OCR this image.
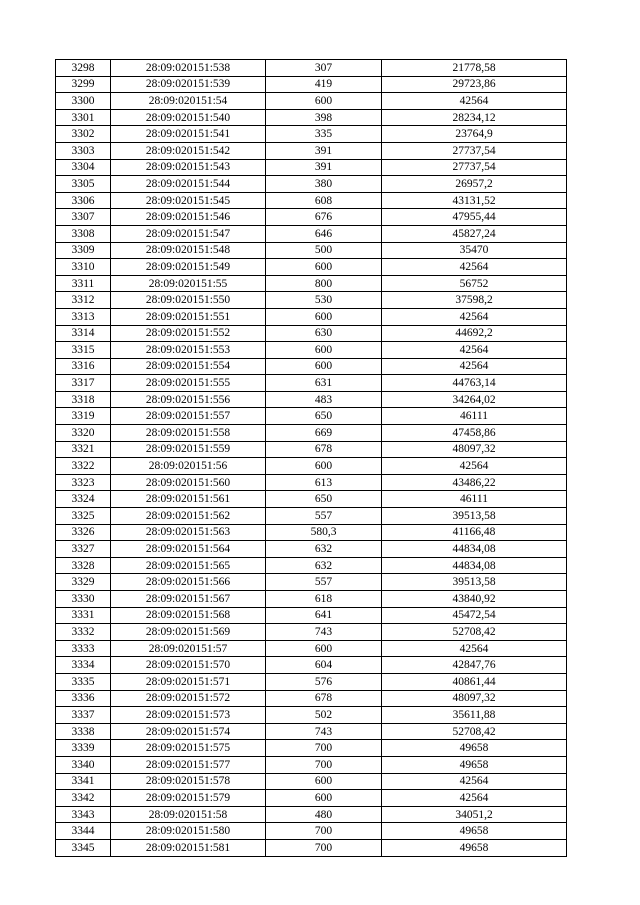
3298	28:09:020151:538	307	21778,58
3299	28:09:020151:539	419	29723,86
3300	28:09:020151:54	600	42564
3301	28:09:020151:540	398	28234,12
3302	28:09:020151:541	335	23764,9
3303	28:09:020151:542	391	27737,54
3304	28:09:020151:543	391	27737,54
3305	28:09:020151:544	380	26957,2
3306	28:09:020151:545	608	43131,52
3307	28:09:020151:546	676	47955,44
3308	28:09:020151:547	646	45827,24
3309	28:09:020151:548	500	35470
3310	28:09:020151:549	600	42564
3311	28:09:020151:55	800	56752
3312	28:09:020151:550	530	37598,2
3313	28:09:020151:551	600	42564
3314	28:09:020151:552	630	44692,2
3315	28:09:020151:553	600	42564
3316	28:09:020151:554	600	42564
3317	28:09:020151:555	631	44763,14
3318	28:09:020151:556	483	34264,02
3319	28:09:020151:557	650	46111
3320	28:09:020151:558	669	47458,86
3321	28:09:020151:559	678	48097,32
3322	28:09:020151:56	600	42564
3323	28:09:020151:560	613	43486,22
3324	28:09:020151:561	650	46111
3325	28:09:020151:562	557	39513,58
3326	28:09:020151:563	580,3	41166,48
3327	28:09:020151:564	632	44834,08
3328	28:09:020151:565	632	44834,08
3329	28:09:020151:566	557	39513,58
3330	28:09:020151:567	618	43840,92
3331	28:09:020151:568	641	45472,54
3332	28:09:020151:569	743	52708,42
3333	28:09:020151:57	600	42564
3334	28:09:020151:570	604	42847,76
3335	28:09:020151:571	576	40861,44
3336	28:09:020151:572	678	48097,32
3337	28:09:020151:573	502	35611,88
3338	28:09:020151:574	743	52708,42
3339	28:09:020151:575	700	49658
3340	28:09:020151:577	700	49658
3341	28:09:020151:578	600	42564
3342	28:09:020151:579	600	42564
3343	28:09:020151:58	480	34051,2
3344	28:09:020151:580	700	49658
3345	28:09:020151:581	700	49658
